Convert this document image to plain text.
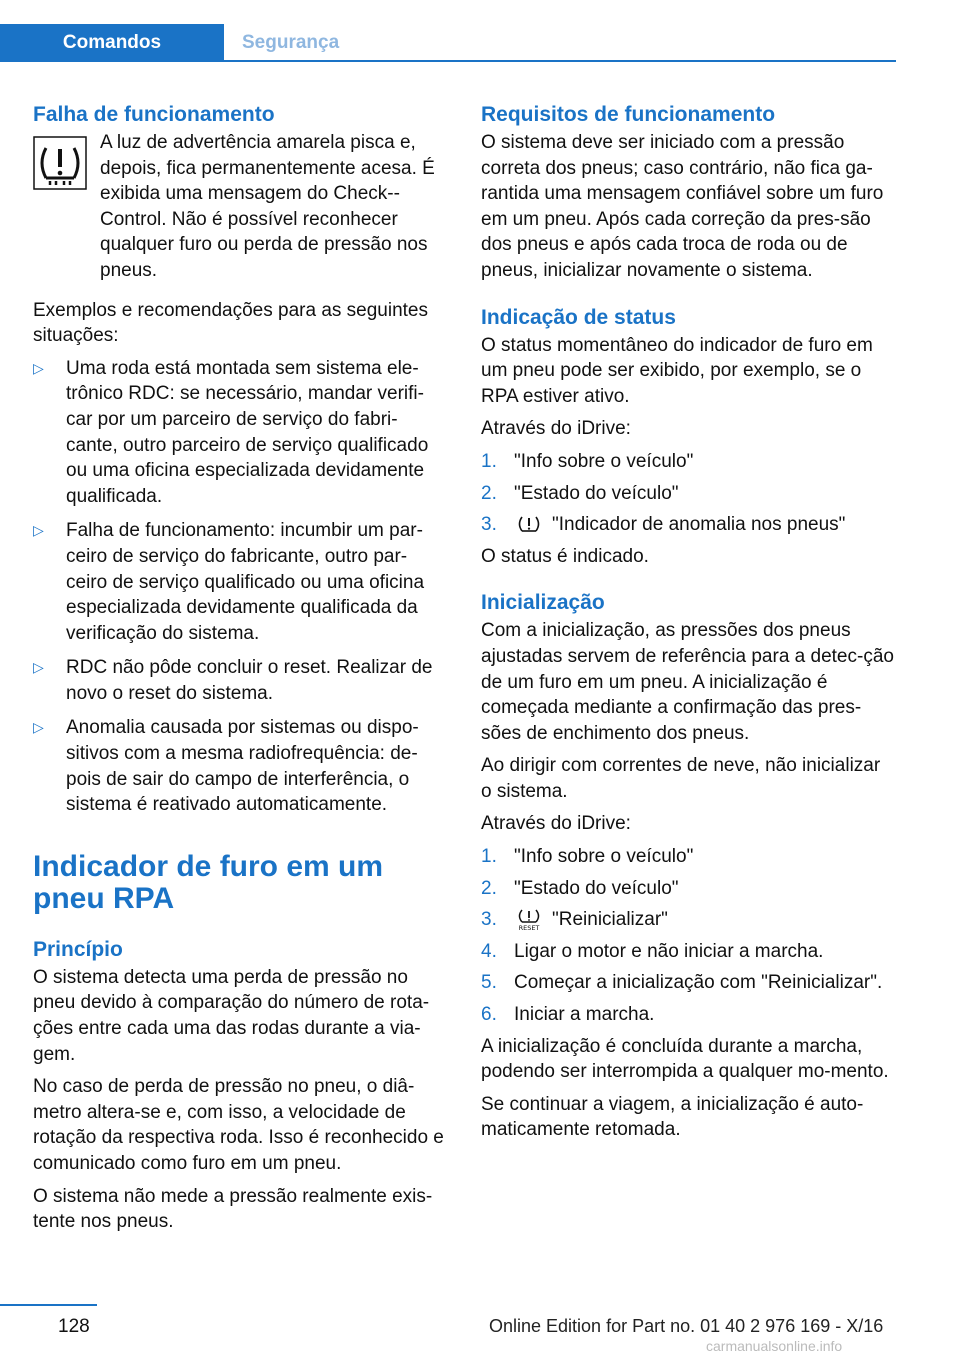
Comandos	Segurança
Falha de funcionamento
A luz de advertência amarela pisca e, depois, fica permanentemente acesa. É exibida uma mensagem do Check--Control. Não é possível reconhecer qualquer furo ou perda de pressão nos pneus.

Exemplos e recomendações para as seguintes situações:

▷	Uma roda está montada sem sistema ele-trônico RDC: se necessário, mandar verifi-car por um parceiro de serviço do fabri-cante, outro parceiro de serviço qualificado ou uma oficina especializada devidamente qualificada.
▷	Falha de funcionamento: incumbir um par-ceiro de serviço do fabricante, outro par-ceiro de serviço qualificado ou uma oficina especializada devidamente qualificada da verificação do sistema.
▷	RDC não pôde concluir o reset. Realizar de novo o reset do sistema.
▷	Anomalia causada por sistemas ou dispo-sitivos com a mesma radiofrequência: de-pois de sair do campo de interferência, o sistema é reativado automaticamente.
Indicador de furo em um pneu RPA
Princípio

O sistema detecta uma perda de pressão no pneu devido à comparação do número de rota-ções entre cada uma das rodas durante a via-gem.

No caso de perda de pressão no pneu, o diâ-metro altera-se e, com isso, a velocidade de rotação da respectiva roda. Isso é reconhecido e comunicado como furo em um pneu.

O sistema não mede a pressão realmente exis-tente nos pneus.

Requisitos de funcionamento

O sistema deve ser iniciado com a pressão correta dos pneus; caso contrário, não fica ga-rantida uma mensagem confiável sobre um furo em um pneu. Após cada correção da pres-são dos pneus e após cada troca de roda ou de pneus, inicializar novamente o sistema.

Indicação de status

O status momentâneo do indicador de furo em um pneu pode ser exibido, por exemplo, se o RPA estiver ativo.

Através do iDrive:

1. "Info sobre o veículo"
2. "Estado do veículo"
3.	"Indicador de anomalia nos pneus"

O status é indicado.

Inicialização

Com a inicialização, as pressões dos pneus ajustadas servem de referência para a detec-ção de um furo em um pneu. A inicialização é começada mediante a confirmação das pres-sões de enchimento dos pneus.

Ao dirigir com correntes de neve, não inicializar o sistema.

Através do iDrive:

1. "Info sobre o veículo"
2. "Estado do veículo"
3.	RESET "Reinicializar"
4. Ligar o motor e não iniciar a marcha.
5. Começar a inicialização com "Reinicializar".
6. Iniciar a marcha.

A inicialização é concluída durante a marcha, podendo ser interrompida a qualquer mo-mento.

Se continuar a viagem, a inicialização é auto-maticamente retomada.

128	Online Edition for Part no. 01 40 2 976 169 - X/16
carmanualsonline.info
